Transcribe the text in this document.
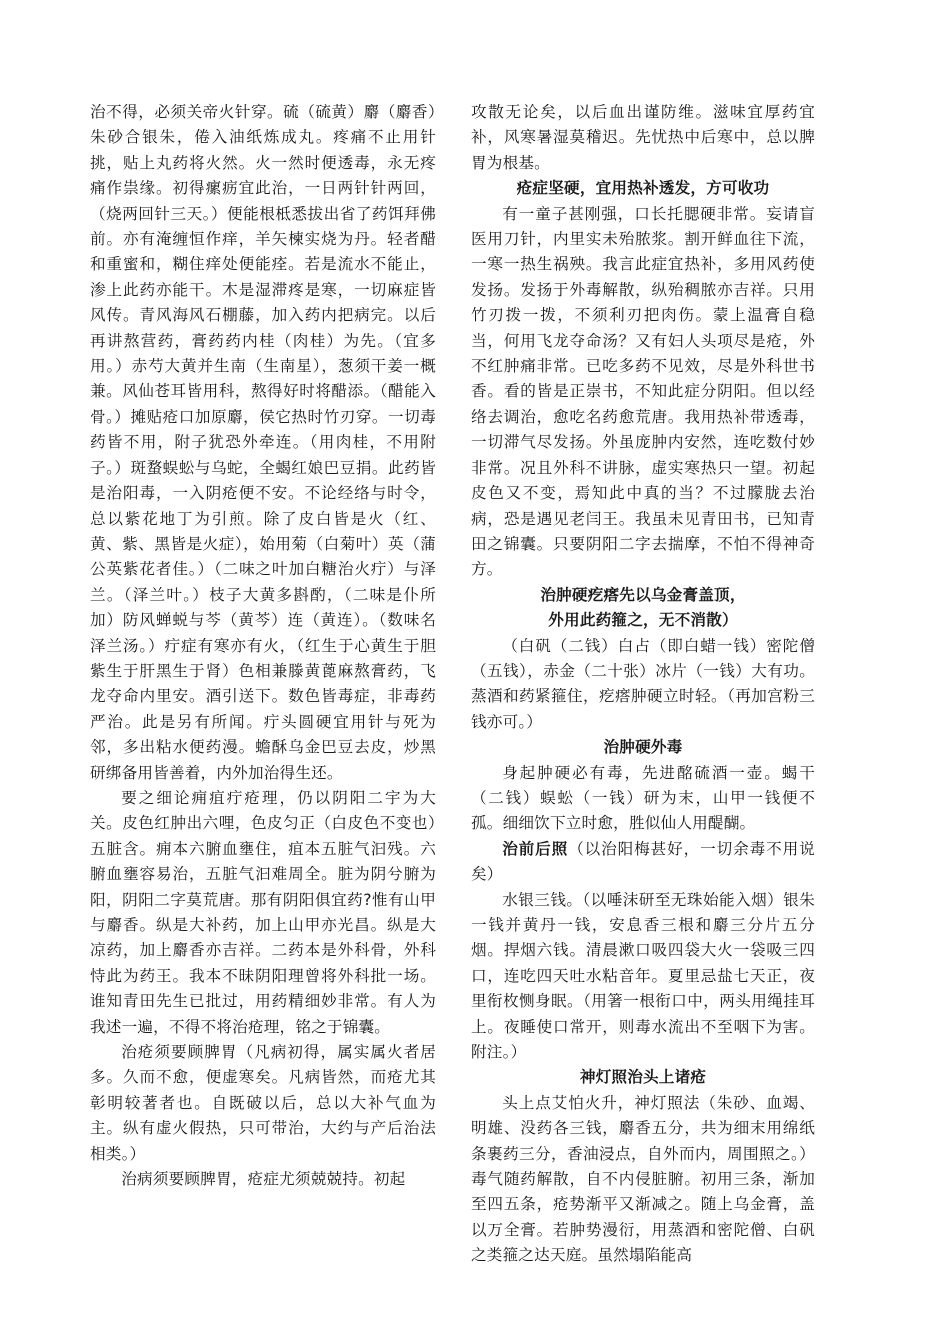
治不得，必须关帝火针穿。硫（硫黄）麝（麝香）朱砂合银朱，倦入油纸炼成丸。疼痛不止用针挑，贴上丸药将火然。火一然时便透毒，永无疼痛作祟缘。初得瘰疬宜此治，一日两针针两回，（烧两回针三天。）便能根柢悉拔出省了药饵拜佛前。亦有淹缠恒作痒，羊矢楝实烧为丹。轻者醋和重蜜和，糊住痒处便能痊。若是流水不能止，渗上此药亦能干。木是湿滞疼是寒，一切麻症皆风传。青风海风石棚藤，加入药内把病完。以后再讲熬营药，膏药药内桂（肉桂）为先。（宜多用。）赤芍大黄并生南（生南星），葱须干姜一概兼。风仙苍耳皆用科，熬得好时将醋添。（醋能入骨。）摊贴疮口加原麝，侯它热时竹刃穿。一切毒药皆不用，附子犹恐外牵连。（用肉桂，不用附子。）斑蝥蜈蚣与乌蛇，全蝎红娘巴豆捐。此药皆是治阳毒，一入阴疮便不安。不论经络与时令，总以紫花地丁为引煎。除了皮白皆是火（红、黄、紫、黑皆是火症），始用菊（白菊叶）英（蒲公英紫花者佳。）（二味之叶加白糖治火疔）与泽兰。（泽兰叶。）枝子大黄多斟酌，（二味是仆所加）防风蝉蜕与芩（黄芩）连（黄连）。（数味名泽兰汤。）疔症有寒亦有火，（红生于心黄生于胆紫生于肝黑生于肾）色相兼滕黄蓖麻熬膏药，飞龙夺命内里安。酒引送下。数色皆毒症，非毒药严治。此是另有所闻。疔头圆硬宜用针与死为邻，多出粘水便药漫。蟾酥乌金巴豆去皮，炒黑研绑备用皆善着，内外加治得生还。

要之细论痈疽疔疮理，仍以阴阳二宇为大关。皮色红肿出六哩，色皮匀正（白皮色不变也）五脏含。痈本六腑血壅住，疽本五脏气汩残。六腑血壅容易治，五脏气汩难周全。脏为阴兮腑为阳，阴阳二字莫荒唐。那有阴阳俱宜药?惟有山甲与麝香。纵是大补药，加上山甲亦光昌。纵是大凉药，加上麝香亦吉祥。二药本是外科骨，外科恃此为药王。我本不昧阴阳理曾将外科批一场。谁知青田先生已批过，用药精细妙非常。有人为我述一遍，不得不将治疮理，铭之于锦囊。

治疮须要顾脾胃（凡病初得，属实属火者居多。久而不愈，便虚寒矣。凡病皆然，而疮尤其彰明较著者也。自既破以后，总以大补气血为主。纵有虚火假热，只可带治，大约与产后治法相类。）

治病须要顾脾胃，疮症尤须兢兢持。初起

攻散无论矣，以后血出谨防维。滋味宜厚药宜补，风寒暑湿莫稽迟。先忧热中后寒中，总以脾胃为根基。

疮症坚硬，宜用热补透发，方可收功

有一童子甚刚强，口长托腮硬非常。妄请盲医用刀针，内里实未殆脓浆。割开鲜血往下流，一寒一热生祸殃。我言此症宜热补，多用风药使发扬。发扬于外毒解散，纵殆稠脓亦吉祥。只用竹刃拨一拨，不须利刃把肉伤。蒙上温膏自稳当，何用飞龙夺命汤？又有妇人头项尽是疮，外不红肿痛非常。已吃多药不见效，尽是外科世书香。看的皆是正崇书，不知此症分阴阳。但以经络去调治，愈吃名药愈荒唐。我用热补带透毒，一切滞气尽发扬。外虽庞肿内安然，连吃数付妙非常。况且外科不讲脉，虚实寒热只一望。初起皮色又不变，焉知此中真的当？不过朦胧去治病，恐是遇见老闫王。我虽未见青田书，已知青田之锦囊。只要阴阳二字去揣摩，不怕不得神奇方。

治肿硬疙瘩先以乌金膏盖顶，

外用此药箍之，无不消散）

（白矾（二钱）白占（即白蜡一钱）密陀僧（五钱），赤金（二十张）冰片（一钱）大有功。蒸酒和药紧箍住，疙瘩肿硬立时轻。（再加宫粉三钱亦可。）

治肿硬外毒

身起肿硬必有毒，先进酩硫酒一壶。蝎干（二钱）蜈蚣（一钱）研为末，山甲一钱便不孤。细细饮下立时愈，胜似仙人用醍醐。

治前后照（以治阳梅甚好，一切余毒不用说矣）

水银三钱。（以唾沫研至无珠始能入烟）银朱一钱并黄丹一钱，安息香三根和麝三分片五分烟。捍烟六钱。清晨漱口吸四袋大火一袋吸三四口，连吃四天吐水粘音年。夏里忌盐七天正，夜里衔枚恻身眠。（用箸一根衔口中，两头用绳挂耳上。夜睡使口常开，则毒水流出不至咽下为害。附注。）

神灯照治头上诸疮

头上点艾怕火升，神灯照法（朱砂、血竭、明雄、没药各三钱，麝香五分，共为细末用绵纸条裹药三分，香油浸点，自外而内，周围照之。）毒气随药解散，自不内侵脏腑。初用三条，渐加至四五条，疮势渐平又渐减之。随上乌金膏，盖以万全膏。若肿势漫衍，用蒸酒和密陀僧、白矾之类箍之达天庭。虽然塌陷能高
